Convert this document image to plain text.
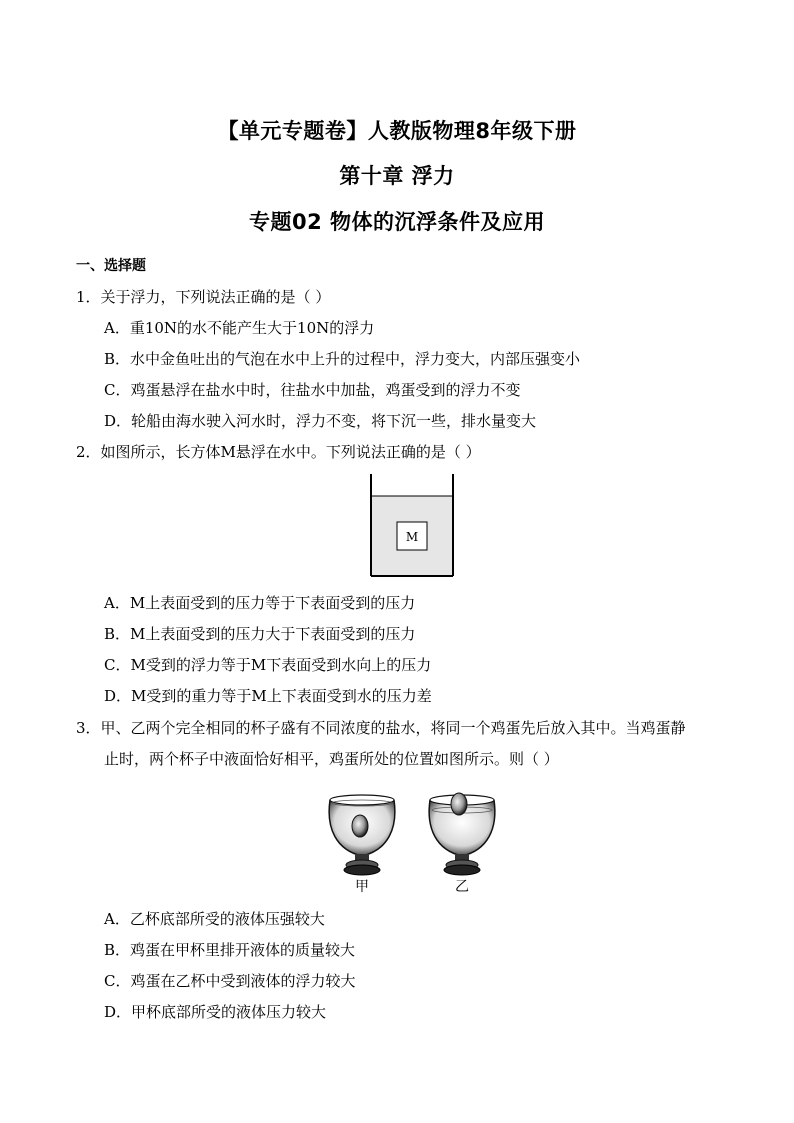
【单元专题卷】人教版物理8年级下册
第十章 浮力
专题02 物体的沉浮条件及应用
一、选择题
1．关于浮力，下列说法正确的是（ ）
A．重10N的水不能产生大于10N的浮力
B．水中金鱼吐出的气泡在水中上升的过程中，浮力变大，内部压强变小
C．鸡蛋悬浮在盐水中时，往盐水中加盐，鸡蛋受到的浮力不变
D．轮船由海水驶入河水时，浮力不变，将下沉一些，排水量变大
2．如图所示，长方体M悬浮在水中。下列说法正确的是（ ）
M
A．M上表面受到的压力等于下表面受到的压力
B．M上表面受到的压力大于下表面受到的压力
C．M受到的浮力等于M下表面受到水向上的压力
D．M受到的重力等于M上下表面受到水的压力差
3．甲、乙两个完全相同的杯子盛有不同浓度的盐水，将同一个鸡蛋先后放入其中。当鸡蛋静
止时，两个杯子中液面恰好相平，鸡蛋所处的位置如图所示。则（ ）
甲	乙
A．乙杯底部所受的液体压强较大
B．鸡蛋在甲杯里排开液体的质量较大
C．鸡蛋在乙杯中受到液体的浮力较大
D．甲杯底部所受的液体压力较大
